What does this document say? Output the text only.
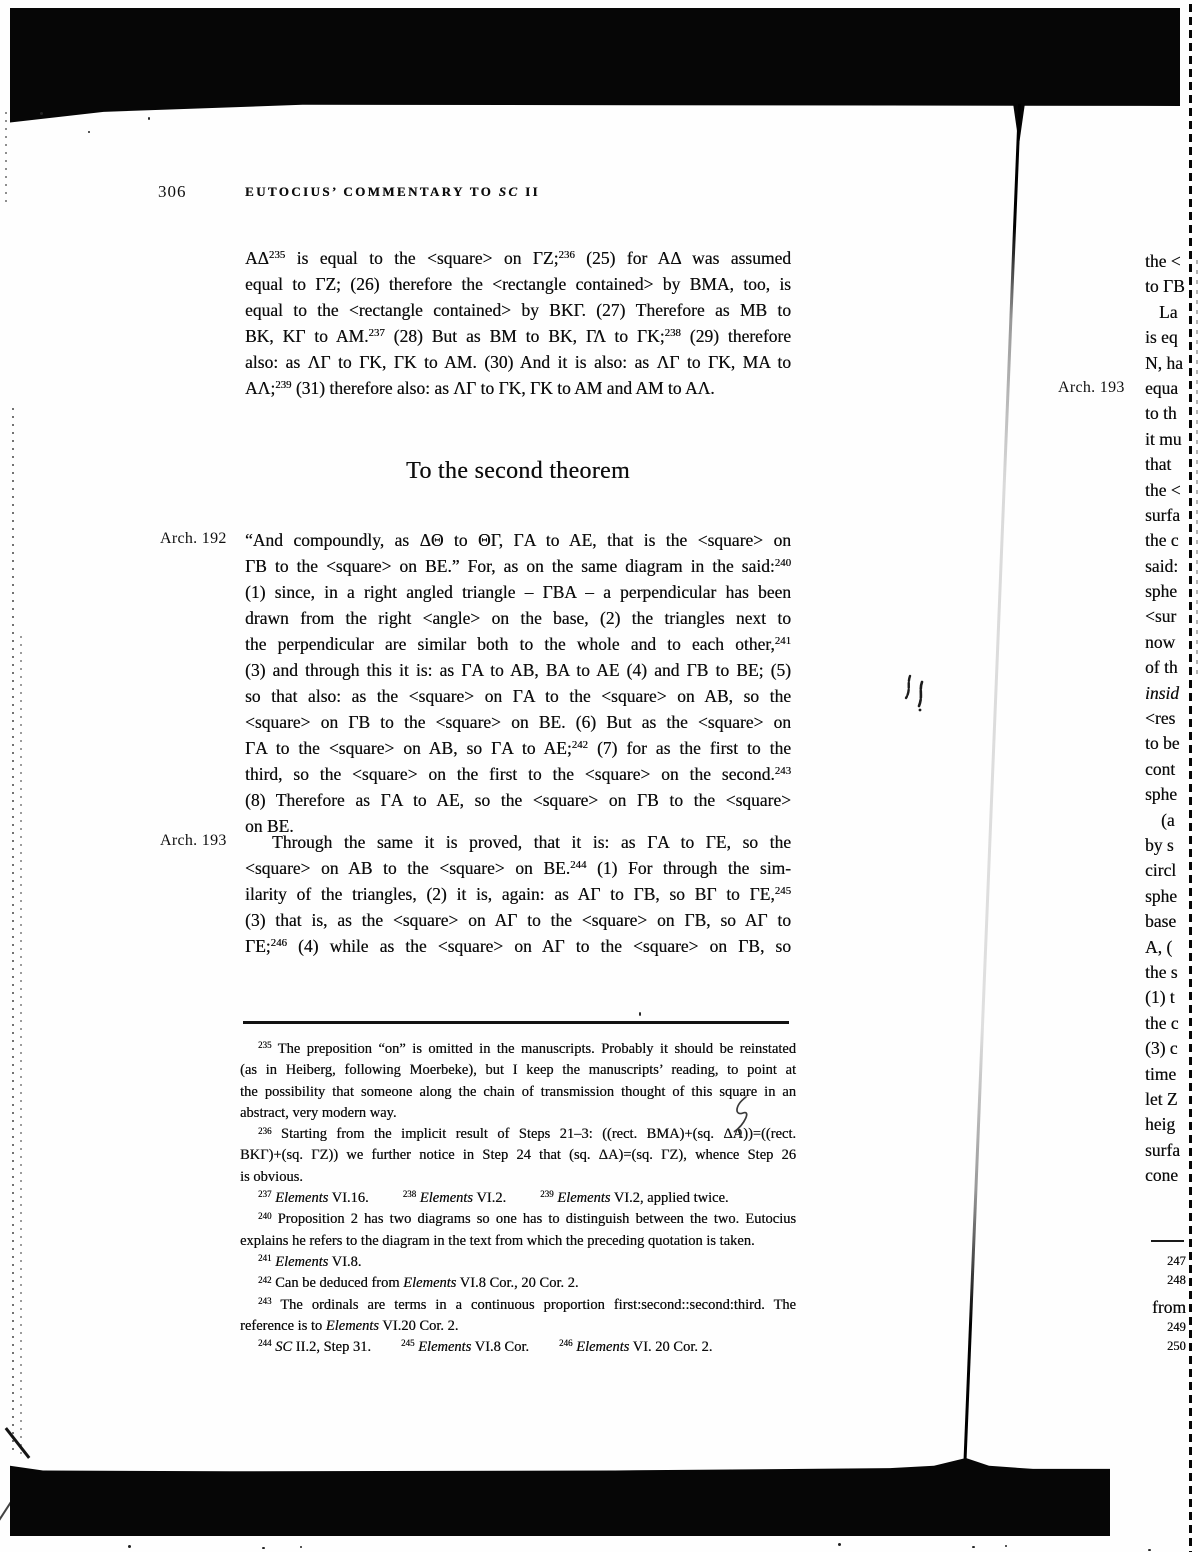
306	EUTOCIUS’ COMMENTARY TO SC II
AΔ$^{235}$ is equal to the <square> on ΓZ;$^{236}$ (25) for AΔ was assumed
equal to ΓZ; (26) therefore the <rectangle contained> by BMA, too, is
equal to the <rectangle contained> by BKΓ. (27) Therefore as MB to
BK, KΓ to AM.$^{237}$ (28) But as BM to BK, ΓΛ to ΓK;$^{238}$ (29) therefore
also: as ΛΓ to ΓK, ΓK to AM. (30) And it is also: as ΛΓ to ΓK, MA to
AΛ;$^{239}$ (31) therefore also: as ΛΓ to ΓK, ΓK to AM and AM to AΛ.
To the second theorem
Arch. 192 “And compoundly, as ΔΘ to ΘΓ, ΓA to AE, that is the <square> on
ΓB to the <square> on BE.” For, as on the same diagram in the said:$^{240}$
(1) since, in a right angled triangle – ΓBA – a perpendicular has been
drawn from the right <angle> on the base, (2) the triangles next to
the perpendicular are similar both to the whole and to each other,$^{241}$
(3) and through this it is: as ΓA to AB, BA to AE (4) and ΓB to BE; (5)
so that also: as the <square> on ΓA to the <square> on AB, so the
<square> on ΓB to the <square> on BE. (6) But as the <square> on
ΓA to the <square> on AB, so ΓA to AE;$^{242}$ (7) for as the first to the
third, so the <square> on the first to the <square> on the second.$^{243}$
(8) Therefore as ΓA to AE, so the <square> on ΓB to the <square>
on BE.
Arch. 193	Through the same it is proved, that it is: as ΓA to ΓE, so the
<square> on AB to the <square> on BE.$^{244}$ (1) For through the sim-
ilarity of the triangles, (2) it is, again: as AΓ to ΓB, so BΓ to ΓE,$^{245}$
(3) that is, as the <square> on AΓ to the <square> on ΓB, so AΓ to
ΓE;$^{246}$ (4) while as the <square> on AΓ to the <square> on ΓB, so
$^{235}$ The preposition “on” is omitted in the manuscripts. Probably it should be reinstated
(as in Heiberg, following Moerbeke), but I keep the manuscripts’ reading, to point at
the possibility that someone along the chain of transmission thought of this square in an
abstract, very modern way.
$^{236}$ Starting from the implicit result of Steps 21–3: ((rect. BMA)+(sq. ΔA))=((rect.
BKΓ)+(sq. ΓZ)) we further notice in Step 24 that (sq. ΔA)=(sq. ΓZ), whence Step 26
is obvious.
$^{237}$ Elements VI.16.	$^{238}$ Elements VI.2.	$^{239}$ Elements VI.2, applied twice.
$^{240}$ Proposition 2 has two diagrams so one has to distinguish between the two. Eutocius
explains he refers to the diagram in the text from which the preceding quotation is taken.
$^{241}$ Elements VI.8.
$^{242}$ Can be deduced from Elements VI.8 Cor., 20 Cor. 2.
$^{243}$ The ordinals are terms in a continuous proportion first:second::second:third. The
reference is to Elements VI.20 Cor. 2.
$^{244}$ SC II.2, Step 31.	$^{245}$ Elements VI.8 Cor.	$^{246}$ Elements VI. 20 Cor. 2.
Arch. 193
the <
to ΓB
La
is eq
N, ha
equa
to th
it mu
that
the <
surfa
the c
said:
sphe
<sur
now
of th
insid
<res
to be
cont
sphe
(a
by s
circl
sphe
base
A, (
the s
(1) t
the c
(3) c
time
let Z
heig
surfa
cone
247
248
from
249
250
